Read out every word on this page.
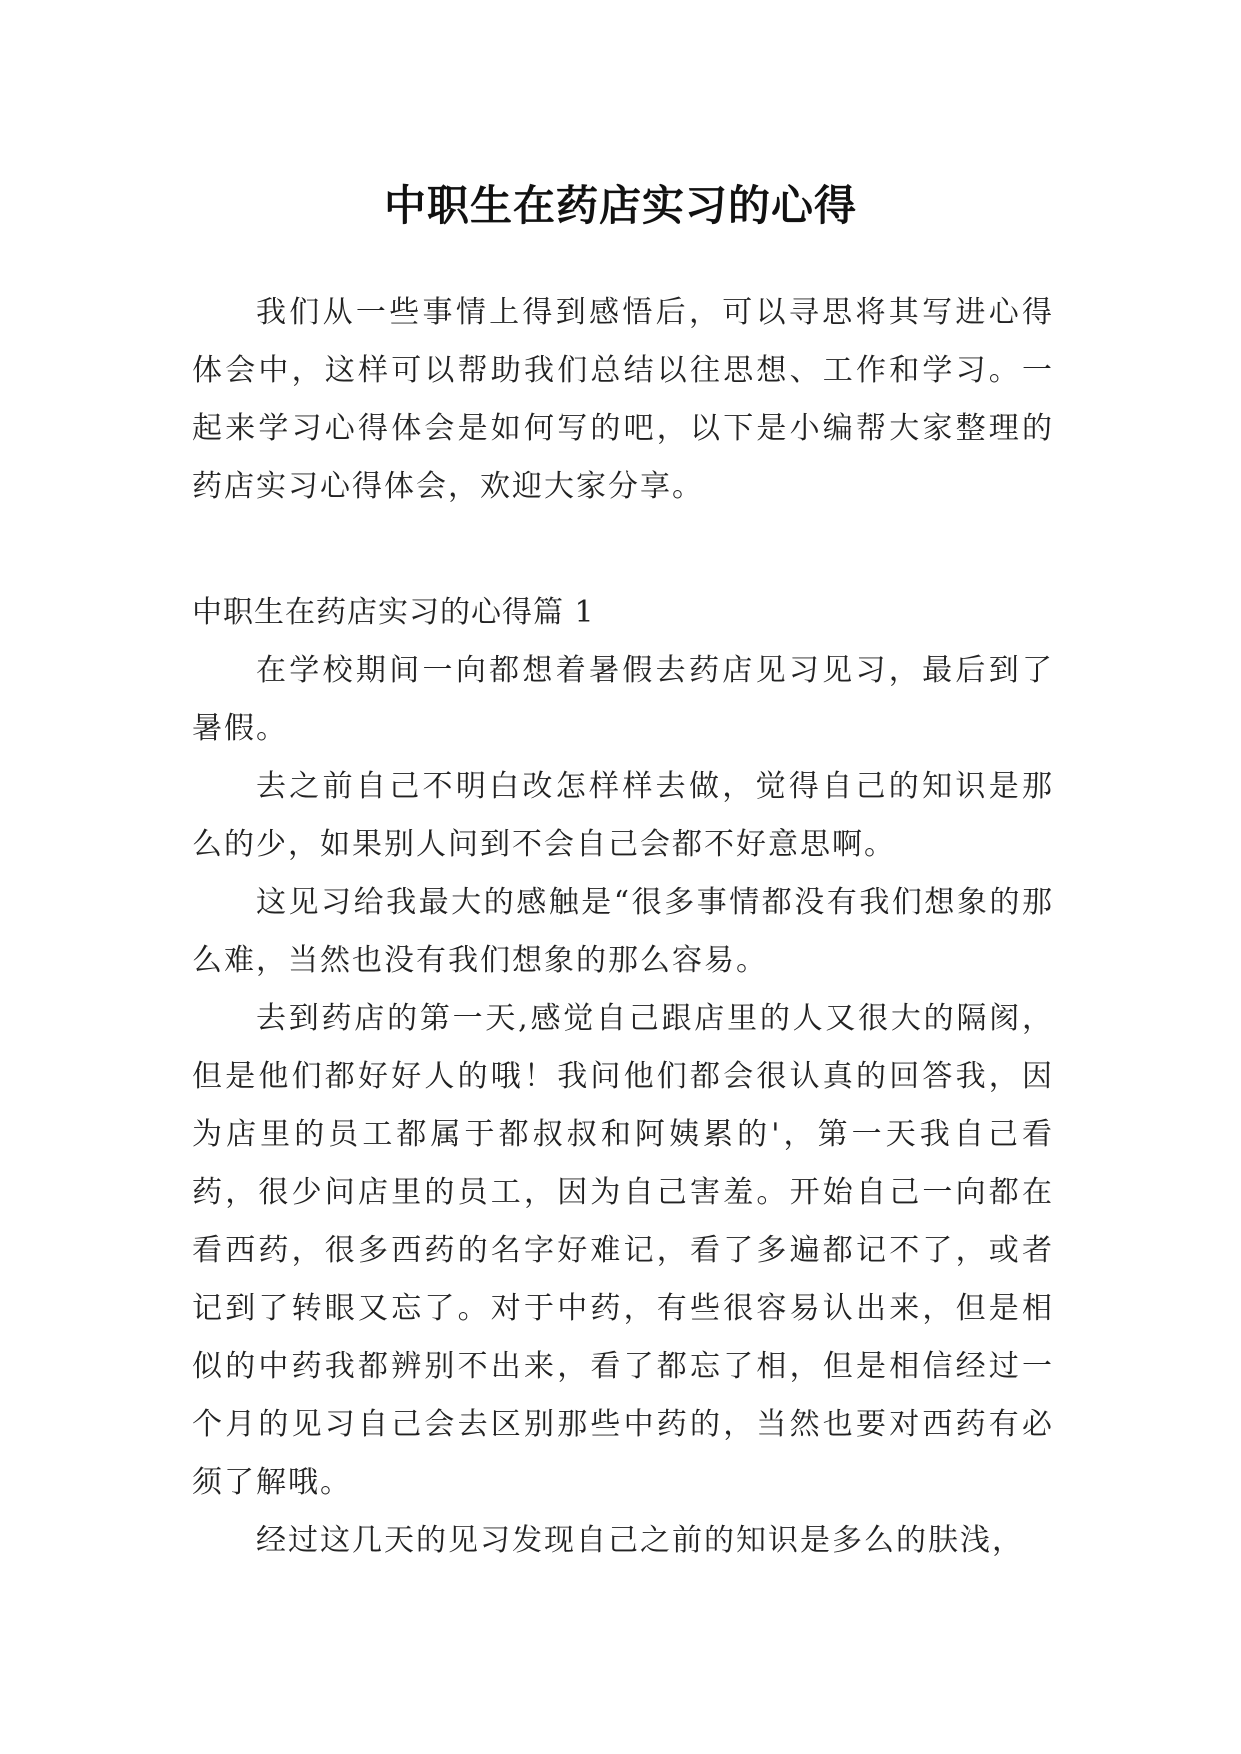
中职生在药店实习的心得

我们从一些事情上得到感悟后，可以寻思将其写进心得体会中，这样可以帮助我们总结以往思想、工作和学习。一起来学习心得体会是如何写的吧，以下是小编帮大家整理的药店实习心得体会，欢迎大家分享。

中职生在药店实习的心得篇 1

在学校期间一向都想着暑假去药店见习见习，最后到了暑假。

去之前自己不明白改怎样样去做，觉得自己的知识是那么的少，如果别人问到不会自己会都不好意思啊。

这见习给我最大的感触是“很多事情都没有我们想象的那么难，当然也没有我们想象的那么容易。

去到药店的第一天,感觉自己跟店里的人又很大的隔阂，但是他们都好好人的哦！我问他们都会很认真的回答我，因为店里的员工都属于都叔叔和阿姨累的'，第一天我自己看药，很少问店里的员工，因为自己害羞。开始自己一向都在看西药，很多西药的名字好难记，看了多遍都记不了，或者记到了转眼又忘了。对于中药，有些很容易认出来，但是相似的中药我都辨别不出来，看了都忘了相，但是相信经过一个月的见习自己会去区别那些中药的，当然也要对西药有必须了解哦。

经过这几天的见习发现自己之前的知识是多么的肤浅，
